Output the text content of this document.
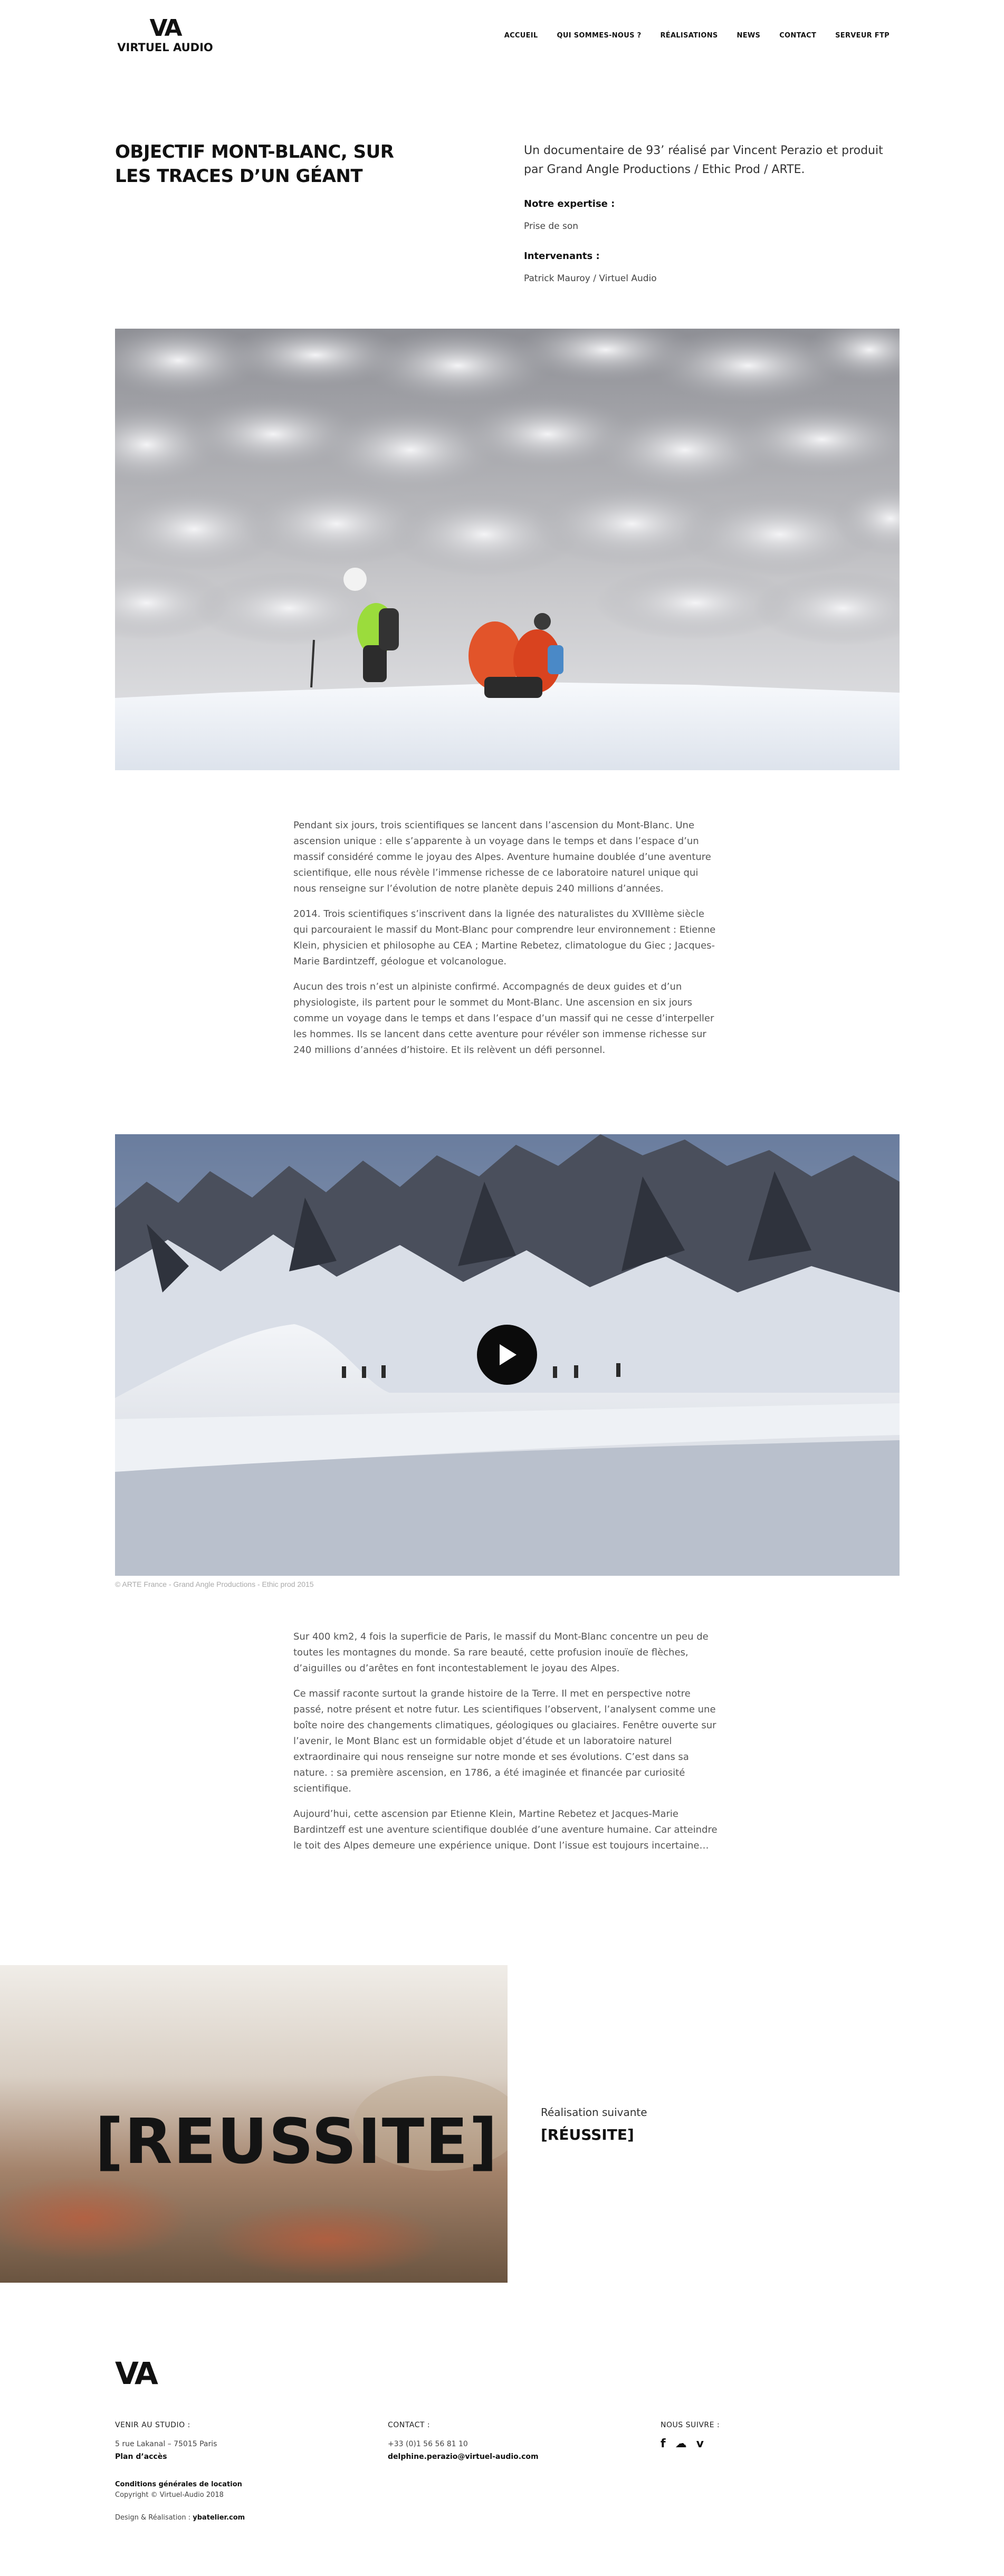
VA
VIRTUEL AUDIO
ACCUEIL	QUI SOMMES-NOUS ?	RÉALISATIONS	NEWS	CONTACT	SERVEUR FTP
OBJECTIF MONT-BLANC, SUR LES TRACES D’UN GÉANT

Un documentaire de 93’ réalisé par Vincent Perazio et produit par Grand Angle Productions / Ethic Prod / ARTE.

Notre expertise :

Prise de son

Intervenants :

Patrick Mauroy / Virtuel Audio

Pendant six jours, trois scientifiques se lancent dans l’ascension du Mont-Blanc. Une ascension unique : elle s’apparente à un voyage dans le temps et dans l’espace d’un massif considéré comme le joyau des Alpes. Aventure humaine doublée d’une aventure scientifique, elle nous révèle l’immense richesse de ce laboratoire naturel unique qui nous renseigne sur l’évolution de notre planète depuis 240 millions d’années.

2014. Trois scientifiques s’inscrivent dans la lignée des naturalistes du XVIIIème siècle qui parcouraient le massif du Mont-Blanc pour comprendre leur environnement : Etienne Klein, physicien et philosophe au CEA ; Martine Rebetez, climatologue du Giec ; Jacques-Marie Bardintzeff, géologue et volcanologue.

Aucun des trois n’est un alpiniste confirmé. Accompagnés de deux guides et d’un physiologiste, ils partent pour le sommet du Mont-Blanc. Une ascension en six jours comme un voyage dans le temps et dans l’espace d’un massif qui ne cesse d’interpeller les hommes. Ils se lancent dans cette aventure pour révéler son immense richesse sur 240 millions d’années d’histoire. Et ils relèvent un défi personnel.

© ARTE France - Grand Angle Productions - Ethic prod 2015

Sur 400 km2, 4 fois la superficie de Paris, le massif du Mont-Blanc concentre un peu de toutes les montagnes du monde. Sa rare beauté, cette profusion inouïe de flèches, d’aiguilles ou d’arêtes en font incontestablement le joyau des Alpes.

Ce massif raconte surtout la grande histoire de la Terre. Il met en perspective notre passé, notre présent et notre futur. Les scientifiques l’observent, l’analysent comme une boîte noire des changements climatiques, géologiques ou glaciaires. Fenêtre ouverte sur l’avenir, le Mont Blanc est un formidable objet d’étude et un laboratoire naturel extraordinaire qui nous renseigne sur notre monde et ses évolutions. C’est dans sa nature. : sa première ascension, en 1786, a été imaginée et financée par curiosité scientifique.

Aujourd’hui, cette ascension par Etienne Klein, Martine Rebetez et Jacques-Marie Bardintzeff est une aventure scientifique doublée d’une aventure humaine. Car atteindre le toit des Alpes demeure une expérience unique. Dont l’issue est toujours incertaine…

[REUSSITE]	Réalisation suivante
[RÉUSSITE]
VA
VENIR AU STUDIO :
5 rue Lakanal – 75015 Paris
Plan d’accès
CONTACT :
+33 (0)1 56 56 81 10
delphine.perazio@virtuel-audio.com
NOUS SUIVRE :
f ☁ v
Conditions générales de location
Copyright © Virtuel-Audio 2018
Design & Réalisation : ybatelier.com
